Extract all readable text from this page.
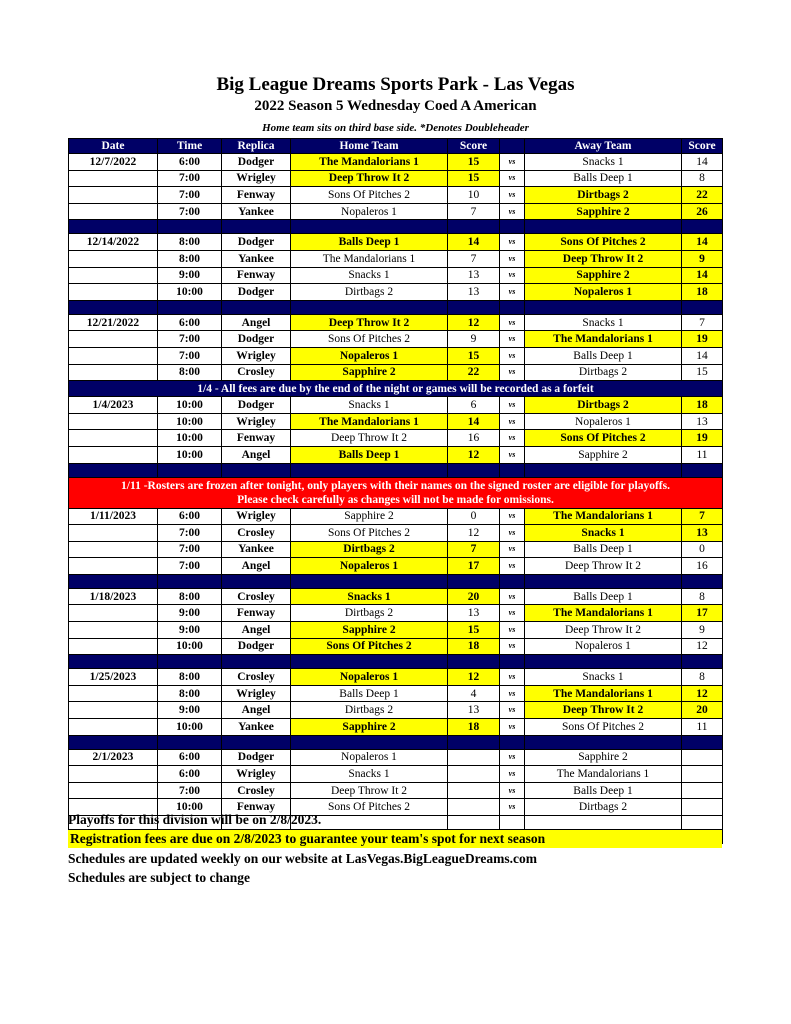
Big League Dreams Sports Park - Las Vegas
2022 Season 5 Wednesday Coed A American
Home team sits on third base side. *Denotes Doubleheader
Date	Time	Replica	Home Team	Score		Away Team	Score
12/7/2022	6:00	Dodger	The Mandalorians 1	15	vs	Snacks 1	14
	7:00	Wrigley	Deep Throw It 2	15	vs	Balls Deep 1	8
	7:00	Fenway	Sons Of Pitches 2	10	vs	Dirtbags 2	22
	7:00	Yankee	Nopaleros 1	7	vs	Sapphire 2	26

12/14/2022	8:00	Dodger	Balls Deep 1	14	vs	Sons Of Pitches 2	14
	8:00	Yankee	The Mandalorians 1	7	vs	Deep Throw It 2	9
	9:00	Fenway	Snacks 1	13	vs	Sapphire 2	14
	10:00	Dodger	Dirtbags 2	13	vs	Nopaleros 1	18

12/21/2022	6:00	Angel	Deep Throw It 2	12	vs	Snacks 1	7
	7:00	Dodger	Sons Of Pitches 2	9	vs	The Mandalorians 1	19
	7:00	Wrigley	Nopaleros 1	15	vs	Balls Deep 1	14
	8:00	Crosley	Sapphire 2	22	vs	Dirtbags 2	15
1/4 - All fees are due by the end of the night or games will be recorded as a forfeit							
1/4/2023	10:00	Dodger	Snacks 1	6	vs	Dirtbags 2	18
	10:00	Wrigley	The Mandalorians 1	14	vs	Nopaleros 1	13
	10:00	Fenway	Deep Throw It 2	16	vs	Sons Of Pitches 2	19
	10:00	Angel	Balls Deep 1	12	vs	Sapphire 2	11

1/11 -Rosters are frozen after tonight, only players with their names on the signed roster are eligible for playoffs.
Please check carefully as changes will not be made for omissions.							

1/11/2023	6:00	Wrigley	Sapphire 2	0	vs	The Mandalorians 1	7
	7:00	Crosley	Sons Of Pitches 2	12	vs	Snacks 1	13
	7:00	Yankee	Dirtbags 2	7	vs	Balls Deep 1	0
	7:00	Angel	Nopaleros 1	17	vs	Deep Throw It 2	16

1/18/2023	8:00	Crosley	Snacks 1	20	vs	Balls Deep 1	8
	9:00	Fenway	Dirtbags 2	13	vs	The Mandalorians 1	17
	9:00	Angel	Sapphire 2	15	vs	Deep Throw It 2	9
	10:00	Dodger	Sons Of Pitches 2	18	vs	Nopaleros 1	12

1/25/2023	8:00	Crosley	Nopaleros 1	12	vs	Snacks 1	8
	8:00	Wrigley	Balls Deep 1	4	vs	The Mandalorians 1	12
	9:00	Angel	Dirtbags 2	13	vs	Deep Throw It 2	20
	10:00	Yankee	Sapphire 2	18	vs	Sons Of Pitches 2	11

2/1/2023	6:00	Dodger	Nopaleros 1		vs	Sapphire 2	
	6:00	Wrigley	Snacks 1		vs	The Mandalorians 1	
	7:00	Crosley	Deep Throw It 2		vs	Balls Deep 1	
	10:00	Fenway	Sons Of Pitches 2		vs	Dirtbags 2	

Playoffs for this division will be on 2/8/2023.
Registration fees are due on 2/8/2023 to guarantee your team's spot for next season
Schedules are updated weekly on our website at LasVegas.BigLeagueDreams.com
Schedules are subject to change
